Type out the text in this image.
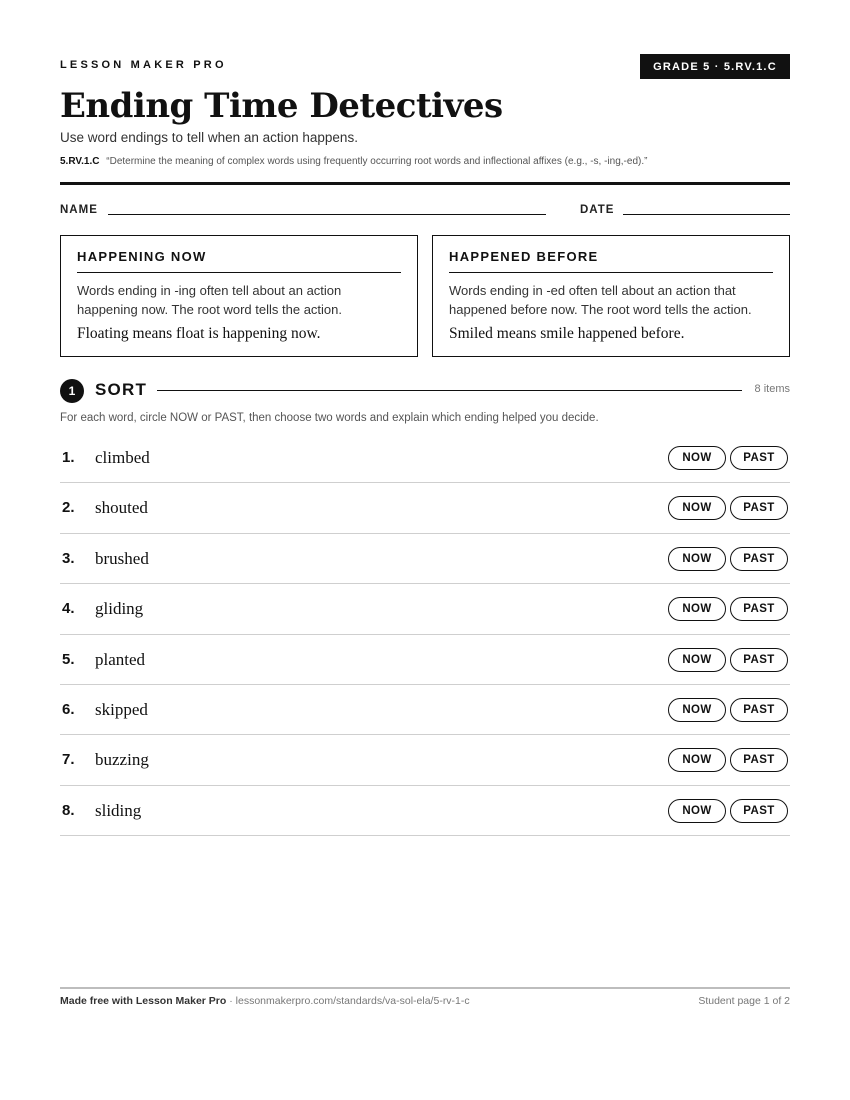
LESSON MAKER PRO	GRADE 5 · 5.RV.1.C
Ending Time Detectives
Use word endings to tell when an action happens.
5.RV.1.C “Determine the meaning of complex words using frequently occurring root words and inflectional affixes (e.g., -s, -ing,-ed).”
NAME	DATE
HAPPENING NOW

Words ending in -ing often tell about an action happening now. The root word tells the action.

Floating means float is happening now.

HAPPENED BEFORE

Words ending in -ed often tell about an action that happened before now. The root word tells the action.

Smiled means smile happened before.

1	SORT	8 items
For each word, circle NOW or PAST, then choose two words and explain which ending helped you decide.
1. climbed	NOW	PAST
2. shouted	NOW	PAST
3. brushed	NOW	PAST
4. gliding	NOW	PAST
5. planted	NOW	PAST
6. skipped	NOW	PAST
7. buzzing	NOW	PAST
8. sliding	NOW	PAST
Made free with Lesson Maker Pro · lessonmakerpro.com/standards/va-sol-ela/5-rv-1-c	Student page 1 of 2
